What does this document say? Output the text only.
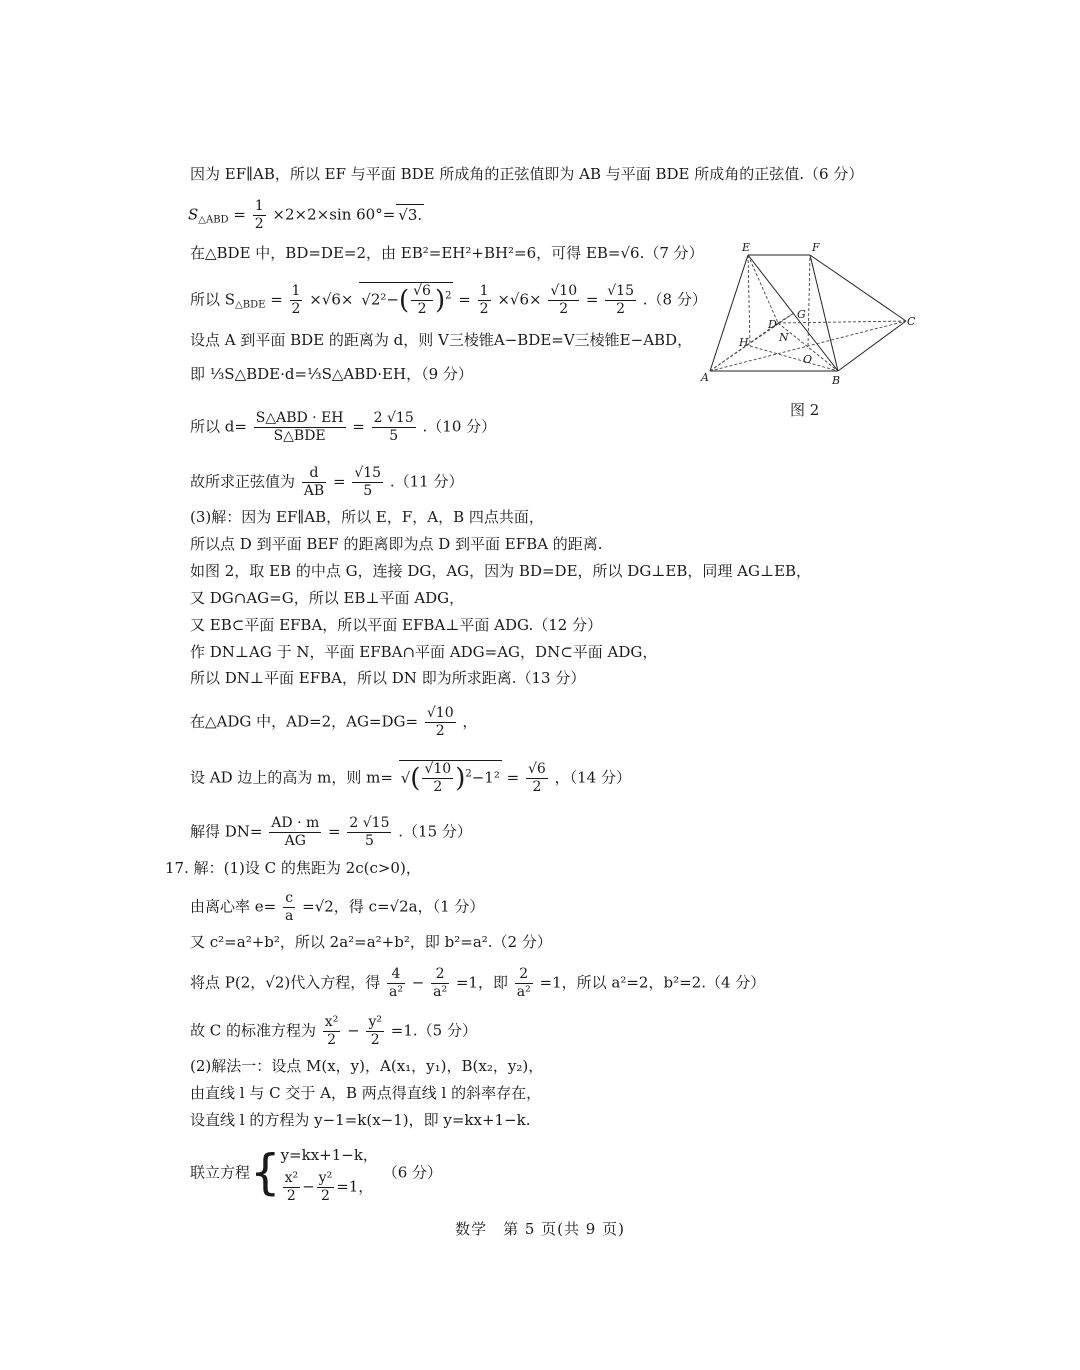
因为 EF∥AB，所以 EF 与平面 BDE 所成角的正弦值即为 AB 与平面 BDE 所成角的正弦值.（6 分）
$S_{\triangle ABD} = \frac{1}{2} \times 2\times 2\times\sin$ 60°= √ 3.
在△BDE 中，BD=DE=2，由 EB²=EH²+BH²=6，可得 EB=√6.（7 分）
所以 $S_{\triangle BDE} = \frac{1}{2} \times√6\times$ √ $2^2-( \frac{√6}{2} )^2 = \frac{1}{2} \times√6\times \frac{√10}{2} = \frac{√15}{2} .(8$ 分）
设点 A 到平面 BDE 的距离为 d，则 V三棱锥A−BDE=V三棱锥E−ABD，
即 ⅓S△BDE·d=⅓S△ABD·EH，（9 分）
所以 $d= \frac{\text{S△ABD · EH}}{\text{S△BDE}} = \frac{2 √15}{5} .(10$ 分）
故所求正弦值为 $\frac{d}{AB} = \frac{√15}{5} .(11$ 分）
(3)解：因为 EF∥AB，所以 E，F，A，B 四点共面，
所以点 D 到平面 BEF 的距离即为点 D 到平面 EFBA 的距离.
如图 2，取 EB 的中点 G，连接 DG，AG，因为 BD=DE，所以 DG⊥EB，同理 AG⊥EB，
又 DG∩AG=G，所以 EB⊥平面 ADG，
又 EB⊂平面 EFBA，所以平面 EFBA⊥平面 ADG.（12 分）
作 DN⊥AG 于 N，平面 EFBA∩平面 ADG=AG，DN⊂平面 ADG，
所以 DN⊥平面 EFBA，所以 DN 即为所求距离.（13 分）
在△ADG 中，AD=2，$AG=DG= \frac{√10}{2}$ ，
设 AD 边上的高为 m，则 m= √ ( $\frac{√10}{2} )^2-1^2 = \frac{√6}{2}$ ，（14 分）
解得 $DN= \frac{AD \cdot m}{AG} = \frac{2 √15}{5} .(15$ 分）
17. 解：(1)设 C 的焦距为 2c(c>0)，
由离心率 $e= \frac{c}{a} =√2$，得 c=√2a，（1 分）
又 c²=a²+b²，所以 2a²=a²+b²，即 b²=a².（2 分）
将点 P(2，√2)代入方程，得 $\frac{4}{\text{a²}} - \frac{2}{\text{a²}} =1$，即 $\frac{2}{\text{a²}} =1$，所以 a²=2，b²=2.（4 分）
故 C 的标准方程为 $\frac{\text{x²}}{2} - \frac{\text{y²}}{2} =1.(5$ 分）
(2)解法一：设点 M(x，y)，A(x₁，y₁)，B(x₂，y₂)，
由直线 l 与 C 交于 A，B 两点得直线 l 的斜率存在，
设直线 l 的方程为 y−1=k(x−1)，即 y=kx+1−k.
联立方程{ y=kx+1−k，
$\frac{\text{x²}}{2} - \frac{\text{y²}}{2} =1$，
（6 分）
E	F
C
D
G
H	N
O
A	B
图 2
数学　第 5 页(共 9 页)
